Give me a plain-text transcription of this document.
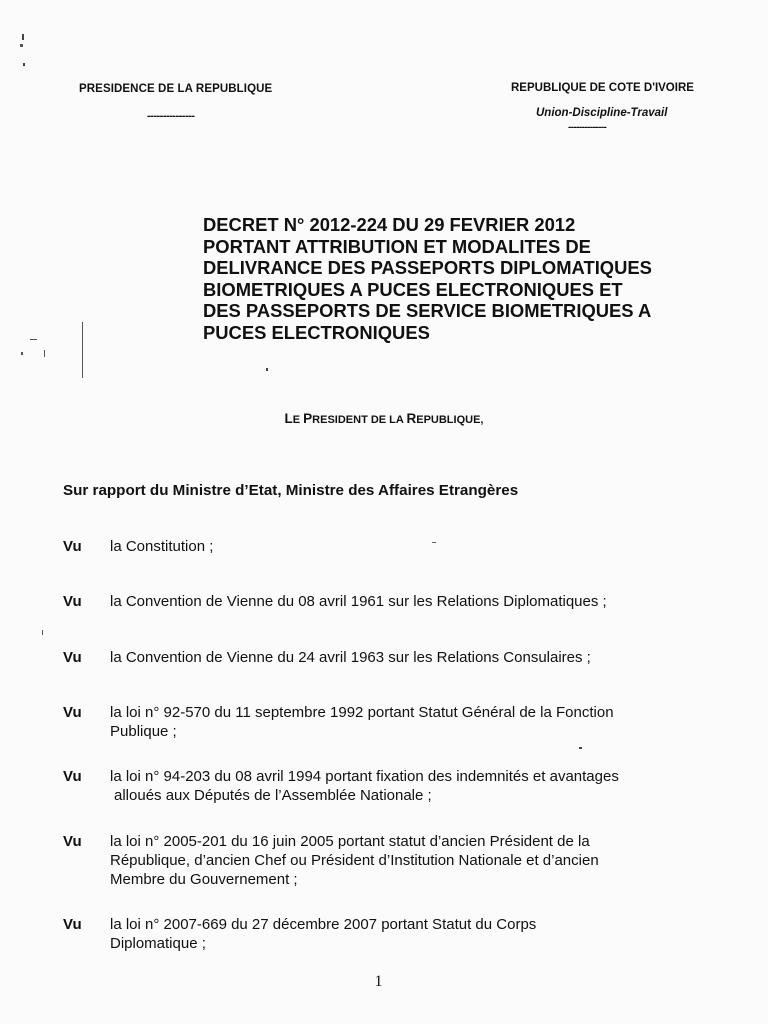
PRESIDENCE DE LA REPUBLIQUE
---------------
REPUBLIQUE DE COTE D'IVOIRE
Union-Discipline-Travail
--------------
DECRET N° 2012-224 DU 29 FEVRIER 2012
PORTANT ATTRIBUTION ET MODALITES DE
DELIVRANCE DES PASSEPORTS DIPLOMATIQUES
BIOMETRIQUES A PUCES ELECTRONIQUES ET
DES PASSEPORTS DE SERVICE BIOMETRIQUES A
PUCES ELECTRONIQUES
LE PRESIDENT DE LA REPUBLIQUE,
Sur rapport du Ministre d’Etat, Ministre des Affaires Etrangères
Vu la Constitution ;
Vu la Convention de Vienne du 08 avril 1961 sur les Relations Diplomatiques ;
Vu la Convention de Vienne du 24 avril 1963 sur les Relations Consulaires ;
Vu la loi n° 92-570 du 11 septembre 1992 portant Statut Général de la Fonction
Publique ;
Vu la loi n° 94-203 du 08 avril 1994 portant fixation des indemnités et avantages
alloués aux Députés de l’Assemblée Nationale ;
Vu la loi n° 2005-201 du 16 juin 2005 portant statut d’ancien Président de la
République, d’ancien Chef ou Président d’Institution Nationale et d’ancien
Membre du Gouvernement ;
Vu la loi n° 2007-669 du 27 décembre 2007 portant Statut du Corps
Diplomatique ;
1
